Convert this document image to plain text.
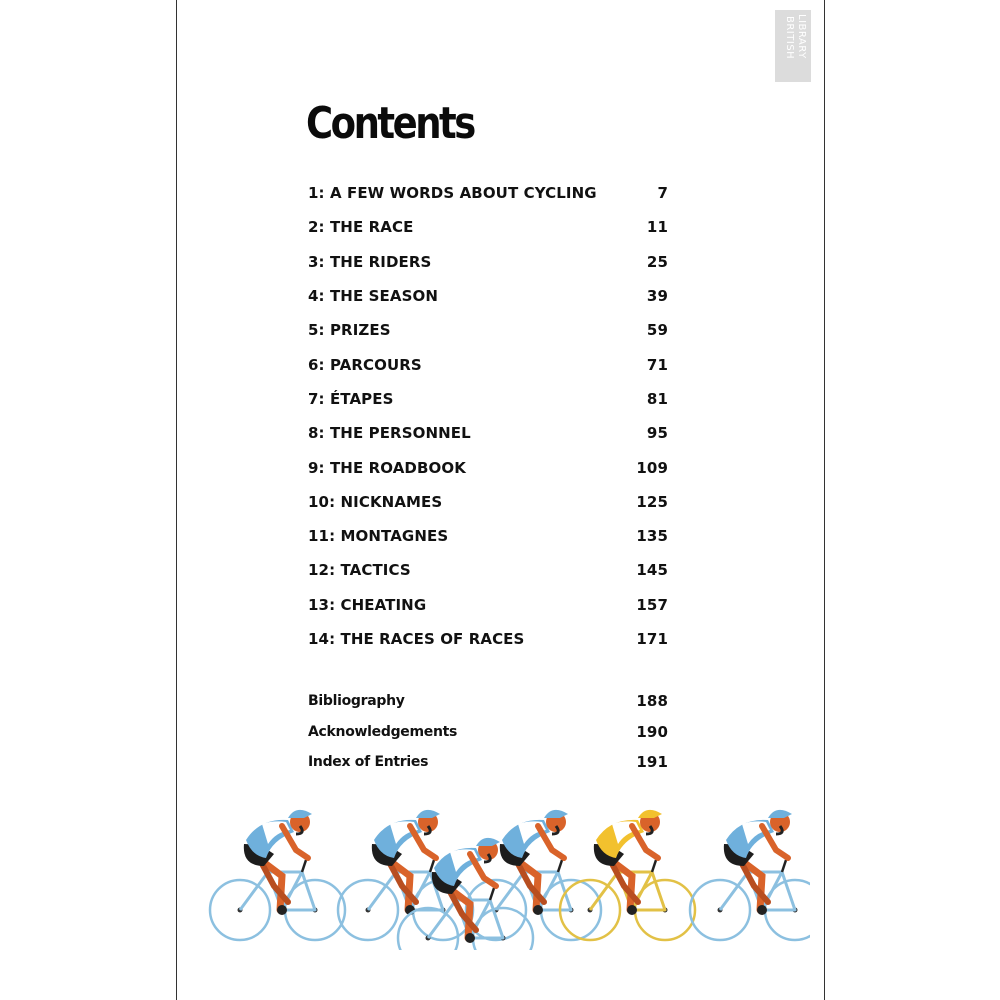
LIBRARY
BRITISH
Contents
1: A FEW WORDS ABOUT CYCLING	7
2: THE RACE	11
3: THE RIDERS	25
4: THE SEASON	39
5: PRIZES	59
6: PARCOURS	71
7: ÉTAPES	81
8: THE PERSONNEL	95
9: THE ROADBOOK	109
10: NICKNAMES	125
11: MONTAGNES	135
12: TACTICS	145
13: CHEATING	157
14: THE RACES OF RACES	171
Bibliography	188
Acknowledgements	190
Index of Entries	191
